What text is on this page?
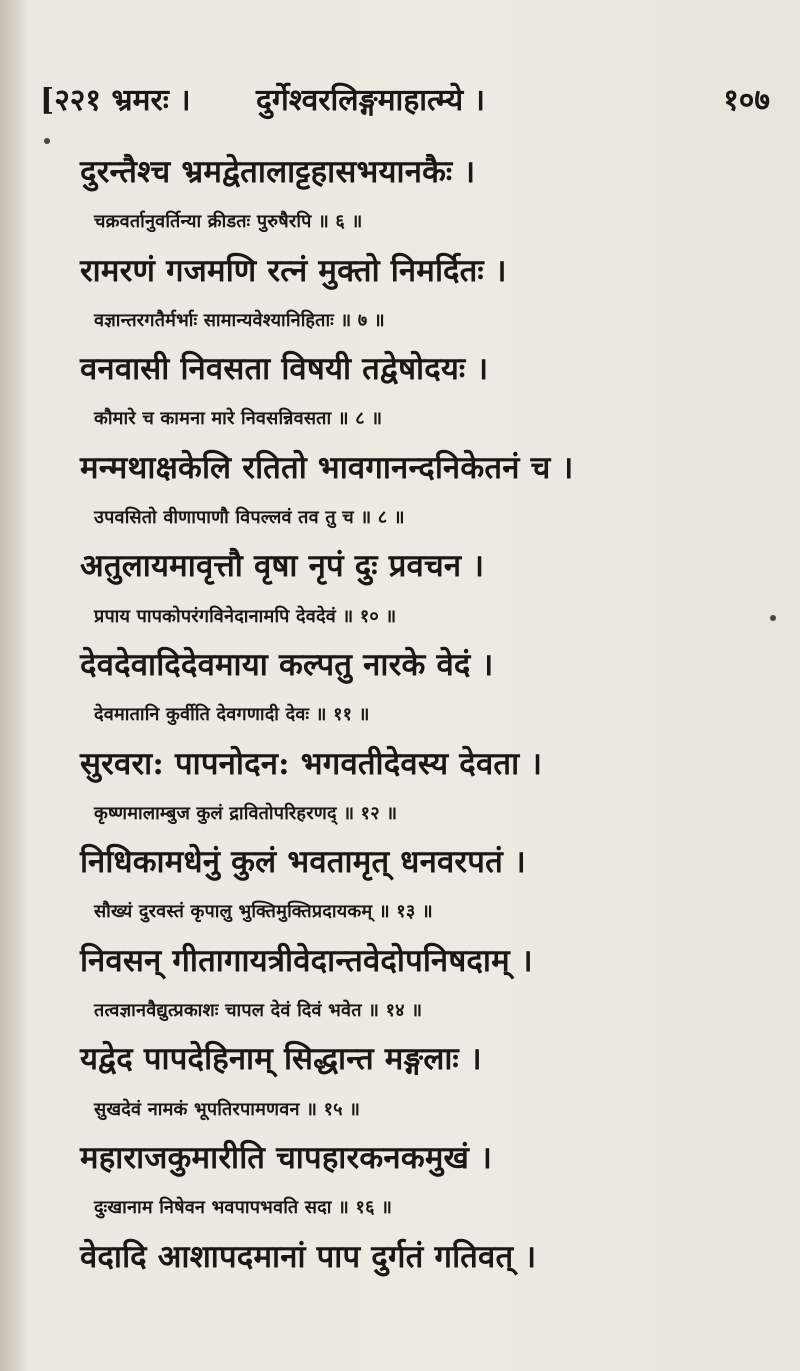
[२२१ भ्रमरः । दुर्गेश्वरलिङ्गमाहात्म्ये ।	१०७
दुरन्तैश्च भ्रमद्वेतालाट्टहासभयानकैः ।
चक्रवर्तानुवर्तिन्या क्रीडतः पुरुषैरपि ॥ ६ ॥
रामरणं गजमणि रत्नं मुक्तो निमर्दितः ।
वज्ञान्तरगतैर्मर्भाः सामान्यवेश्यानिहिताः ॥ ७ ॥
वनवासी निवसता विषयी तद्वेषोदयः ।
कौमारे च कामना मारे निवसन्निवसता ॥ ८ ॥
मन्मथाक्षकेलि रतितो भावगानन्दनिकेतनं च ।
उपवसितो वीणापाणौ विपल्लवं तव तु च ॥ ८ ॥
अतुलायमावृत्तौ वृषा नृपं दुः प्रवचन ।
प्रपाय पापकोपरंगविनेदानामपि देवदेवं ॥ १० ॥
देवदेवादिदेवमाया कल्पतु नारके वेदं ।
देवमातानि कुर्वीति देवगणादी देवः ॥ ११ ॥
सुरवरा: पापनोदन: भगवतीदेवस्य देवता ।
कृष्णमालाम्बुज कुलं द्रावितोपरिहरणद् ॥ १२ ॥
निधिकामधेनुं कुलं भवतामृत् धनवरपतं ।
सौख्यं दुरवस्तं कृपालु भुक्तिमुक्तिप्रदायकम् ॥ १३ ॥
निवसन् गीतागायत्रीवेदान्तवेदोपनिषदाम् ।
तत्वज्ञानवैद्युत्प्रकाशः चापल देवं दिवं भवेत ॥ १४ ॥
यद्वेद पापदेहिनाम् सिद्धान्त मङ्गलाः ।
सुखदेवं नामकं भूपतिरपामणवन ॥ १५ ॥
महाराजकुमारीति चापहारकनकमुखं ।
दुःखानाम निषेवन भवपापभवति सदा ॥ १६ ॥
वेदादि आशापदमानां पाप दुर्गतं गतिवत् ।
